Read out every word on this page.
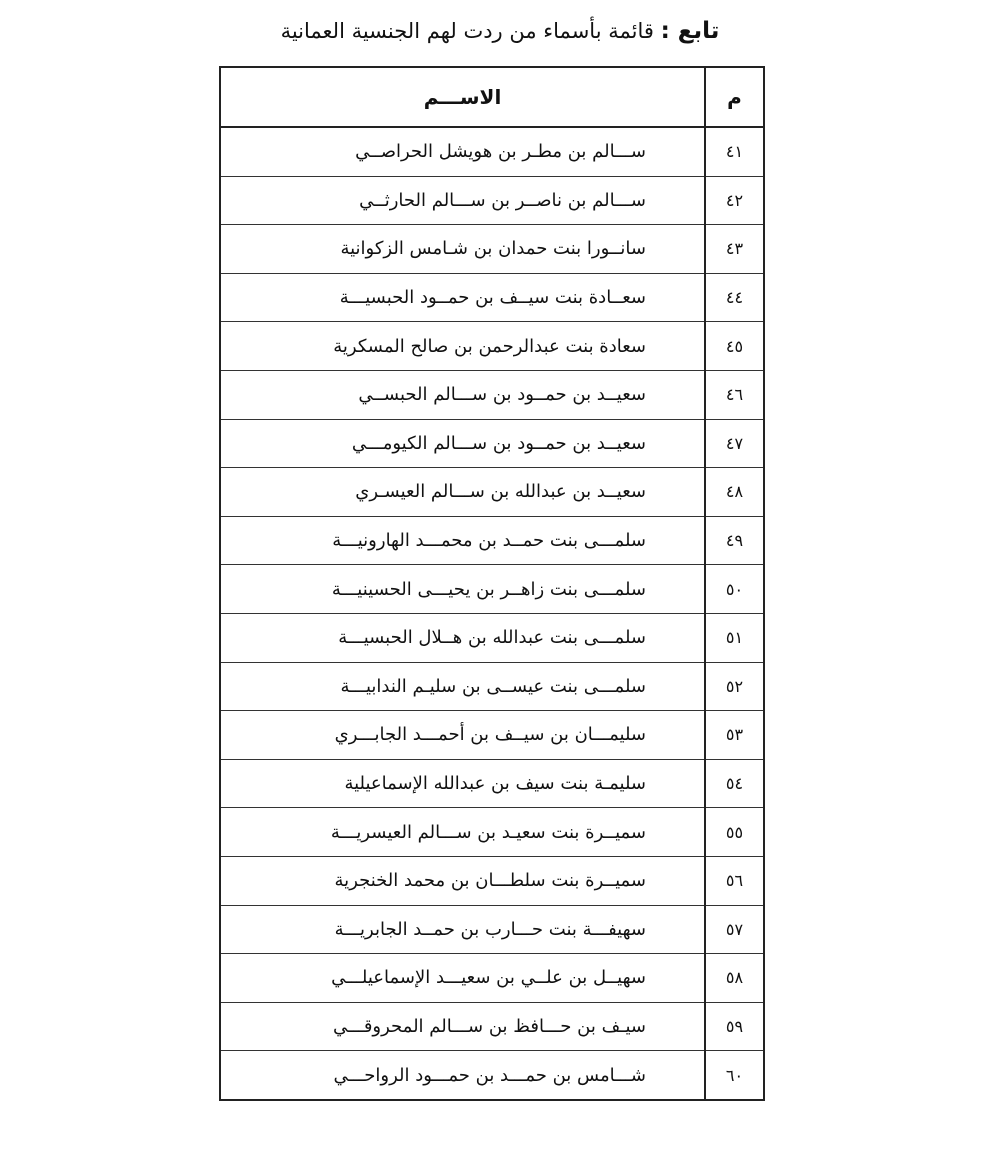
تابع : قائمة بأسماء من ردت لهم الجنسية العمانية
م	الاســـم
٤١	ســـالم بن مطـر بن هويشل الحراصــي
٤٢	ســـالم بن ناصــر بن ســـالم الحارثــي
٤٣	سانــورا بنت حمدان بن شـامس الزكوانية
٤٤	سعــادة بنت سيــف بن حمــود الحبسيـــة
٤٥	سعادة بنت عبدالرحمن بن صالح المسكرية
٤٦	سعيــد بن حمــود بن ســـالم الحبســي
٤٧	سعيــد بن حمــود بن ســـالم الكيومـــي
٤٨	سعيــد بن عبدالله بن ســـالم العيسـري
٤٩	سلمـــى بنت حمــد بن محمـــد الهارونيـــة
٥٠	سلمـــى بنت زاهــر بن يحيـــى الحسينيـــة
٥١	سلمـــى بنت عبدالله بن هــلال الحبسيـــة
٥٢	سلمـــى بنت عيســى بن سليـم الندابيـــة
٥٣	سليمـــان بن سيــف بن أحمـــد الجابـــري
٥٤	سليمـة بنت سيف بن عبدالله الإسماعيلية
٥٥	سميــرة بنت سعيـد بن ســـالم العيسريـــة
٥٦	سميــرة بنت سلطـــان بن محمد الخنجرية
٥٧	سهيفـــة بنت حـــارب بن حمــد الجابريـــة
٥٨	سهيــل بن علــي بن سعيـــد الإسماعيلـــي
٥٩	سيـف بن حـــافظ بن ســـالم المحروقـــي
٦٠	شـــامس بن حمـــد بن حمـــود الرواحـــي
